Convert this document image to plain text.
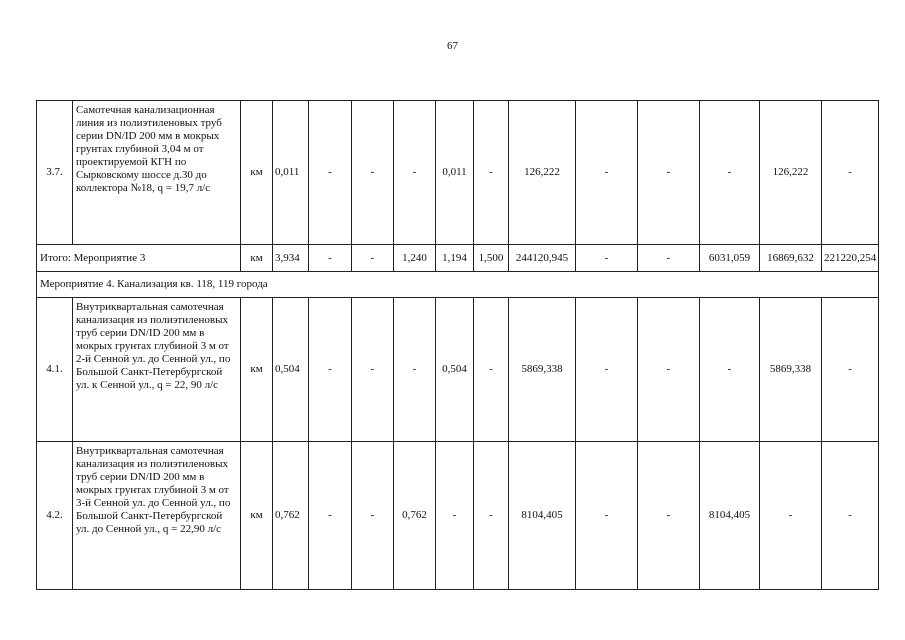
67
3.7.	Самотечная канализационная линия из полиэтиленовых труб серии DN/ID 200 мм в мокрых грунтах глубиной 3,04 м от проектируемой КГН по Сырковскому шоссе д.30 до коллектора №18, q = 19,7 л/с	км	0,011	-	-	-	0,011	-	126,222	-	-	-	126,222	-
Итого: Мероприятие 3		км	3,934	-	-	1,240	1,194	1,500	244120,945	-	-	6031,059	16869,632	221220,254
Мероприятие 4. Канализация кв. 118, 119 города														
4.1.	Внутриквартальная самотечная канализация из полиэтиленовых труб серии DN/ID 200 мм в мокрых грунтах глубиной 3 м от 2-й Сенной ул. до Сенной ул., по Большой Санкт-Петербургской ул. к Сенной ул., q = 22, 90 л/с	км	0,504	-	-	-	0,504	-	5869,338	-	-	-	5869,338	-
4.2.	Внутриквартальная самотечная канализация из полиэтиленовых труб серии DN/ID 200 мм в мокрых грунтах глубиной 3 м от 3-й Сенной ул. до Сенной ул., по Большой Санкт-Петербургской ул. до Сенной ул., q = 22,90 л/с	км	0,762	-	-	0,762	-	-	8104,405	-	-	8104,405	-	-
